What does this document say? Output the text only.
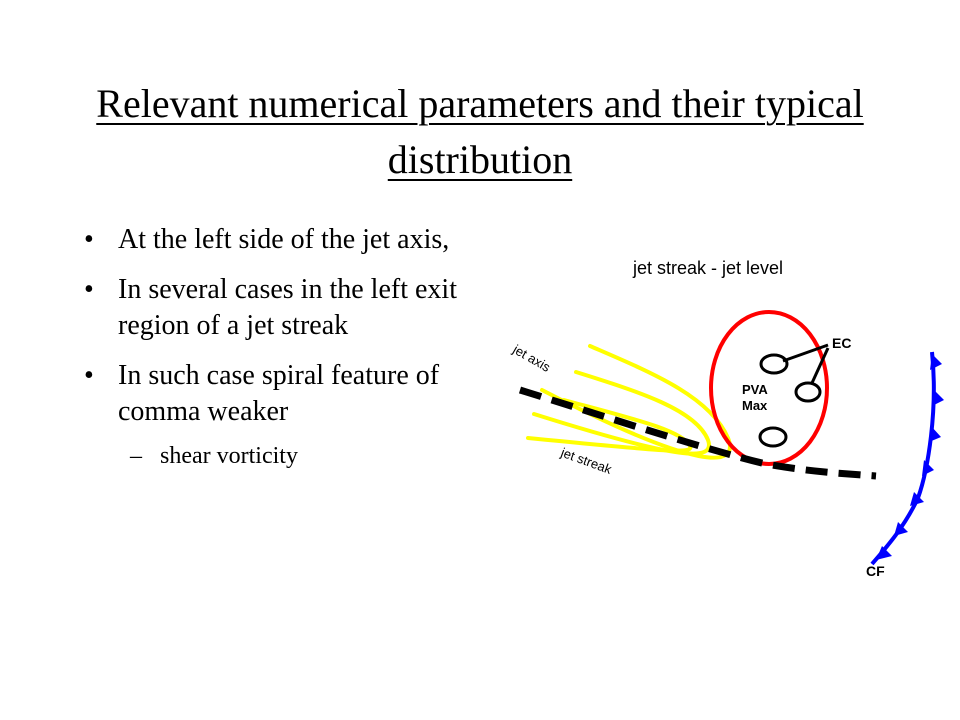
Relevant numerical parameters and their typical distribution
• At the left side of the jet axis,
• In several cases in the left exit region of a jet streak
• In such case spiral feature of comma weaker
– shear vorticity
jet streak - jet level
jet axis
jet streak
EC
PVA
Max
CF
